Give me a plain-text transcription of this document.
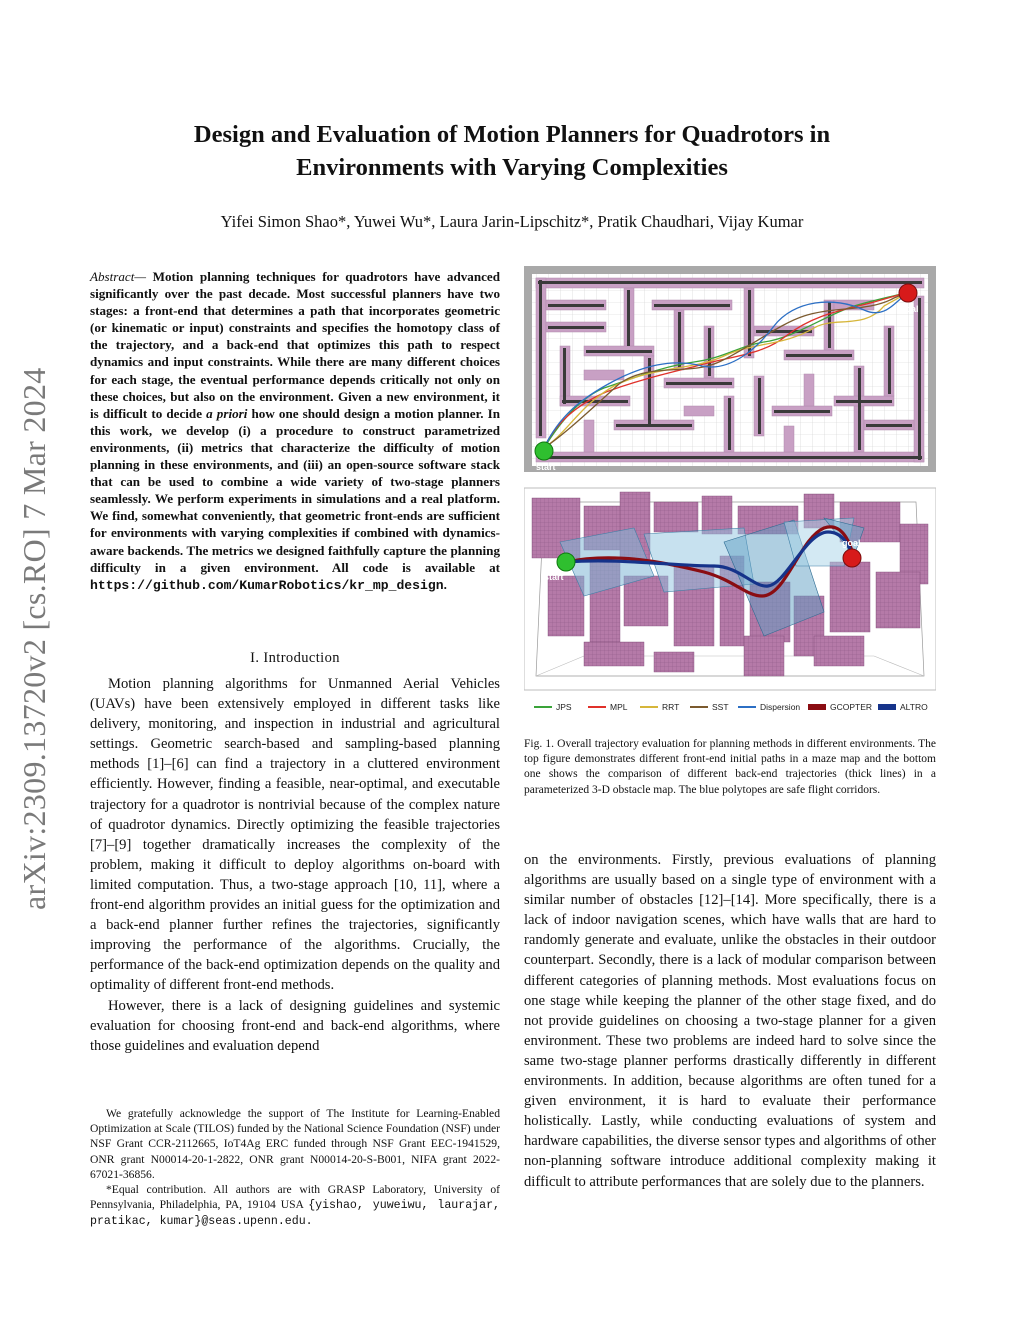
Design and Evaluation of Motion Planners for Quadrotors in
Environments with Varying Complexities
Yifei Simon Shao*, Yuwei Wu*, Laura Jarin-Lipschitz*, Pratik Chaudhari, Vijay Kumar
arXiv:2309.13720v2 [cs.RO] 7 Mar 2024
Abstract— Motion planning techniques for quadrotors have advanced significantly over the past decade. Most successful planners have two stages: a front-end that determines a path that incorporates geometric (or kinematic or input) constraints and specifies the homotopy class of the trajectory, and a back-end that optimizes this path to respect dynamics and input constraints. While there are many different choices for each stage, the eventual performance depends critically not only on these choices, but also on the environment. Given a new environment, it is difficult to decide a priori how one should design a motion planner. In this work, we develop (i) a procedure to construct parametrized environments, (ii) metrics that characterize the difficulty of motion planning in these environments, and (iii) an open-source software stack that can be used to combine a wide variety of two-stage planners seamlessly. We perform experiments in simulations and a real platform. We find, somewhat conveniently, that geometric front-ends are sufficient for environments with varying complexities if combined with dynamics-aware backends. The metrics we designed faithfully capture the planning difficulty in a given environment. All code is available at https://github.com/KumarRobotics/kr_mp_design.
I. Introduction

Motion planning algorithms for Unmanned Aerial Vehicles (UAVs) have been extensively employed in different tasks like delivery, monitoring, and inspection in industrial and agricultural settings. Geometric search-based and sampling-based planning methods [1]–[6] can find a trajectory in a cluttered environment efficiently. However, finding a feasible, near-optimal, and executable trajectory for a quadrotor is nontrivial because of the complex nature of quadrotor dynamics. Directly optimizing the feasible trajectories [7]–[9] together dramatically increases the complexity of the problem, making it difficult to deploy algorithms on-board with limited computation. Thus, a two-stage approach [10, 11], where a front-end algorithm provides an initial guess for the optimization and a back-end planner further refines the trajectories, significantly improving the performance of the algorithms. Crucially, the performance of the back-end optimization depends on the quality and optimality of different front-end methods.

However, there is a lack of designing guidelines and systemic evaluation for choosing front-end and back-end algorithms, where those guidelines and evaluation depend

We gratefully acknowledge the support of The Institute for Learning-Enabled Optimization at Scale (TILOS) funded by the National Science Foundation (NSF) under NSF Grant CCR-2112665, IoT4Ag ERC funded through NSF Grant EEC-1941529, ONR grant N00014-20-1-2822, ONR grant N00014-20-S-B001, NIFA grant 2022-67021-36856.

*Equal contribution. All authors are with GRASP Laboratory, University of Pennsylvania, Philadelphia, PA, 19104 USA {yishao, yuweiwu, laurajar, pratikac, kumar}@seas.upenn.edu.

start
goal
start
goal
JPS	MPL	RRT	SST	Dispersion	GCOPTER	ALTRO
Fig. 1. Overall trajectory evaluation for planning methods in different environments. The top figure demonstrates different front-end initial paths in a maze map and the bottom one shows the comparison of different back-end trajectories (thick lines) in a parameterized 3-D obstacle map. The blue polytopes are safe flight corridors.

on the environments. Firstly, previous evaluations of planning algorithms are usually based on a single type of environment with a similar number of obstacles [12]–[14]. More specifically, there is a lack of indoor navigation scenes, which have walls that are hard to randomly generate and evaluate, unlike the obstacles in their outdoor counterpart. Secondly, there is a lack of modular comparison between different categories of planning methods. Most evaluations focus on one stage while keeping the planner of the other stage fixed, and do not provide guidelines on choosing a two-stage planner for a given environment. These two problems are indeed hard to solve since the same two-stage planner performs drastically differently in different environments. In addition, because algorithms are often tuned for a given environment, it is hard to evaluate their performance holistically. Lastly, while conducting evaluations of system and hardware capabilities, the diverse sensor types and algorithms of other non-planning software introduce additional complexity making it difficult to attribute performances that are solely due to the planners.
